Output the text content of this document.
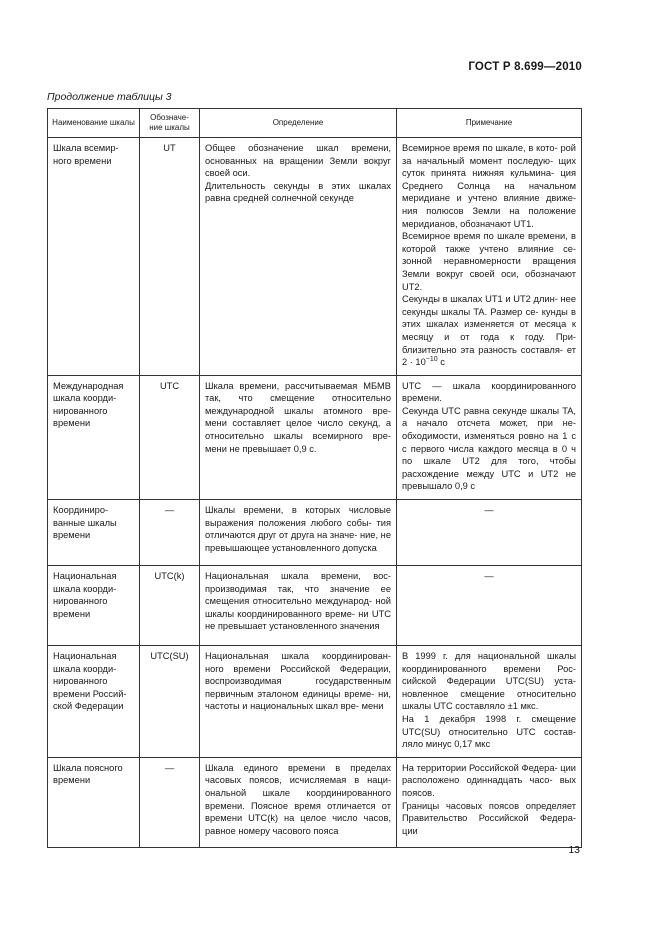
ГОСТ Р 8.699—2010
Продолжение таблицы 3
Наименование шкалы	Обозначе- ние шкалы	Определение	Примечание
Шкала всемир- ного времени	UT	Общее обозначение шкал времени, основанных на вращении Земли вокруг своей оси.
Длительность секунды в этих шкалах равна средней солнечной секунде	Всемирное время по шкале, в кото- рой за начальный момент последую- щих суток принята нижняя кульмина- ция Среднего Солнца на начальном меридиане и учтено влияние движе- ния полюсов Земли на положение меридианов, обозначают UT1.
Всемирное время по шкале времени, в которой также учтено влияние се- зонной неравномерности вращения Земли вокруг своей оси, обозначают UT2.
Секунды в шкалах UT1 и UT2 длин- нее секунды шкалы TA. Размер се- кунды в этих шкалах изменяется от месяца к месяцу и от года к году. При- близительно эта разность составля- ет $2 \cdot 10^{-10}$ с

Международная шкала коорди- нированного времени	UTC	Шкала времени, рассчитываемая МБМВ так, что смещение относительно международной шкалы атомного вре- мени составляет целое число секунд, а относительно шкалы всемирного вре- мени не превышает 0,9 с.	UTC — шкала координированного времени.
Секунда UTC равна секунде шкалы TA, а начало отсчета может, при не- обходимости, изменяться ровно на 1 с с первого числа каждого месяца в 0 ч по шкале UT2 для того, чтобы расхождение между UTC и UT2 не превышало 0,9 с

Координиро- ванные шкалы времени	—	Шкалы времени, в которых числовые выражения положения любого собы- тия отличаются друг от друга на значе- ние, не превышающее установленного допуска	—

Национальная шкала коорди- нированного времени	UTC(k)	Национальная шкала времени, вос- производимая так, что значение ее смещения относительно международ- ной шкалы координированного време- ни UTC не превышает установленного значения	—

Национальная шкала коорди- нированного времени Россий- ской Федерации	UTC(SU)	Национальная шкала координирован- ного времени Российской Федерации, воспроизводимая государственным первичным эталоном единицы време- ни, частоты и национальных шкал вре- мени	В 1999 г. для национальной шкалы координированного времени Рос- сийской Федерации UTC(SU) уста- новленное смещение относительно шкалы UTC составляло ±1 мкс.
На 1 декабря 1998 г. смещение UTC(SU) относительно UTC состав- ляло минус 0,17 мкс

Шкала поясного времени	—	Шкала единого времени в пределах часовых поясов, исчисляемая в наци- ональной шкале координированного времени. Поясное время отличается от времени UTC(k) на целое число часов, равное номеру часового пояса	На территории Российской Федера- ции расположено одиннадцать часо- вых поясов.
Границы часовых поясов определяет Правительство Российской Федера- ции
13
